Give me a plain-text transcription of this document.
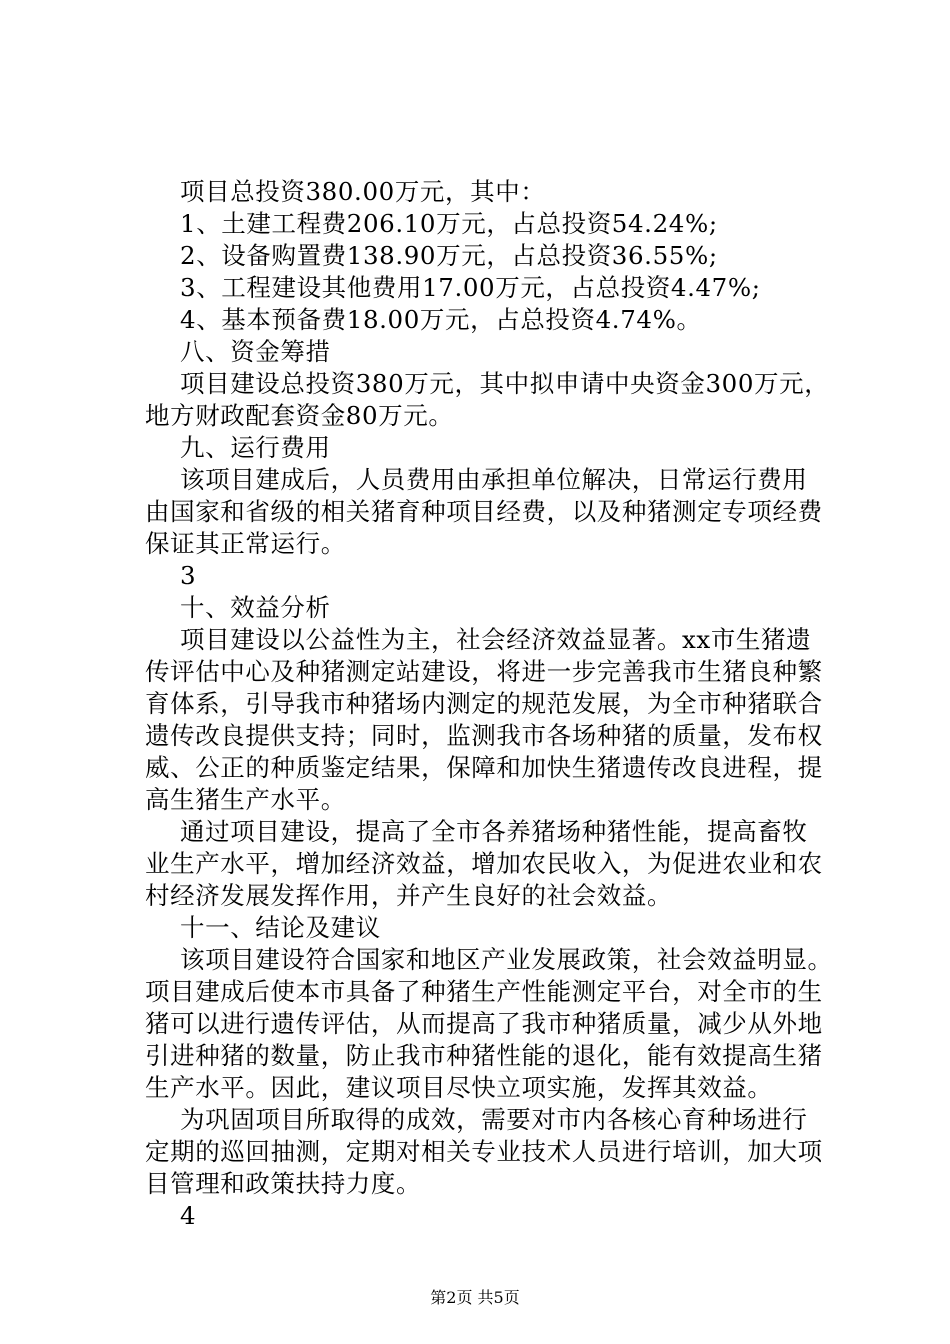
项目总投资380.00万元，其中：
1、土建工程费206.10万元，占总投资54.24%;
2、设备购置费138.90万元，占总投资36.55%;
3、工程建设其他费用17.00万元，占总投资4.47%;
4、基本预备费18.00万元，占总投资4.74%。
八、资金筹措
项目建设总投资380万元，其中拟申请中央资金300万元，
地方财政配套资金80万元。
九、运行费用
该项目建成后，人员费用由承担单位解决，日常运行费用
由国家和省级的相关猪育种项目经费，以及种猪测定专项经费
保证其正常运行。
3
十、效益分析
项目建设以公益性为主，社会经济效益显著。xx市生猪遗
传评估中心及种猪测定站建设，将进一步完善我市生猪良种繁
育体系，引导我市种猪场内测定的规范发展，为全市种猪联合
遗传改良提供支持；同时，监测我市各场种猪的质量，发布权
威、公正的种质鉴定结果，保障和加快生猪遗传改良进程，提
高生猪生产水平。
通过项目建设，提高了全市各养猪场种猪性能，提高畜牧
业生产水平，增加经济效益，增加农民收入，为促进农业和农
村经济发展发挥作用，并产生良好的社会效益。
十一、结论及建议
该项目建设符合国家和地区产业发展政策，社会效益明显。
项目建成后使本市具备了种猪生产性能测定平台，对全市的生
猪可以进行遗传评估，从而提高了我市种猪质量，减少从外地
引进种猪的数量，防止我市种猪性能的退化，能有效提高生猪
生产水平。因此，建议项目尽快立项实施，发挥其效益。
为巩固项目所取得的成效，需要对市内各核心育种场进行
定期的巡回抽测，定期对相关专业技术人员进行培训，加大项
目管理和政策扶持力度。
4
第2页 共5页
